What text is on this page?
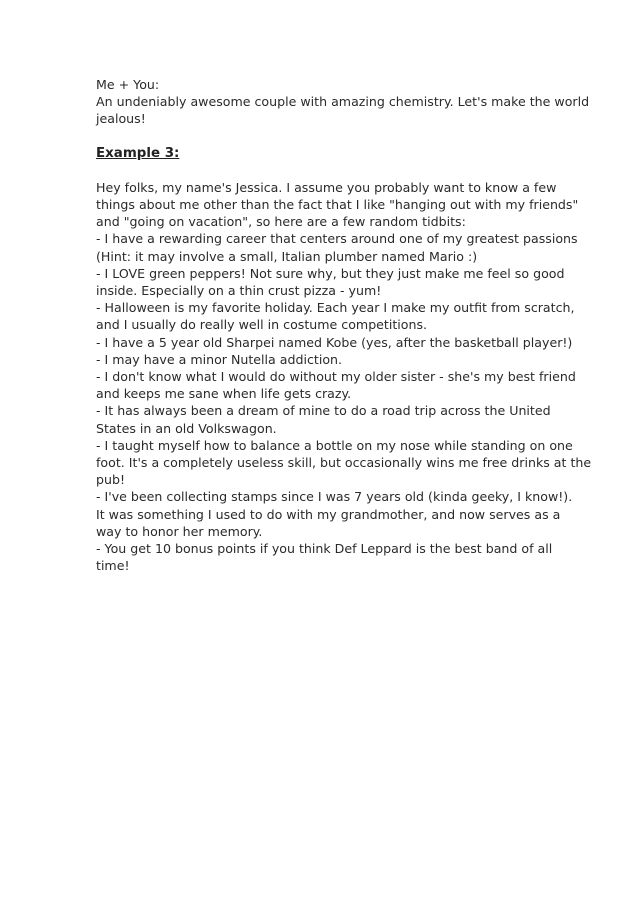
Me + You:
An undeniably awesome couple with amazing chemistry. Let's make the world
jealous!
Example 3:
Hey folks, my name's Jessica. I assume you probably want to know a few
things about me other than the fact that I like "hanging out with my friends"
and "going on vacation", so here are a few random tidbits:
- I have a rewarding career that centers around one of my greatest passions
(Hint: it may involve a small, Italian plumber named Mario :)
- I LOVE green peppers! Not sure why, but they just make me feel so good
inside. Especially on a thin crust pizza - yum!
- Halloween is my favorite holiday. Each year I make my outfit from scratch,
and I usually do really well in costume competitions.
- I have a 5 year old Sharpei named Kobe (yes, after the basketball player!)
- I may have a minor Nutella addiction.
- I don't know what I would do without my older sister - she's my best friend
and keeps me sane when life gets crazy.
- It has always been a dream of mine to do a road trip across the United
States in an old Volkswagon.
- I taught myself how to balance a bottle on my nose while standing on one
foot. It's a completely useless skill, but occasionally wins me free drinks at the
pub!
- I've been collecting stamps since I was 7 years old (kinda geeky, I know!).
It was something I used to do with my grandmother, and now serves as a
way to honor her memory.
- You get 10 bonus points if you think Def Leppard is the best band of all
time!
